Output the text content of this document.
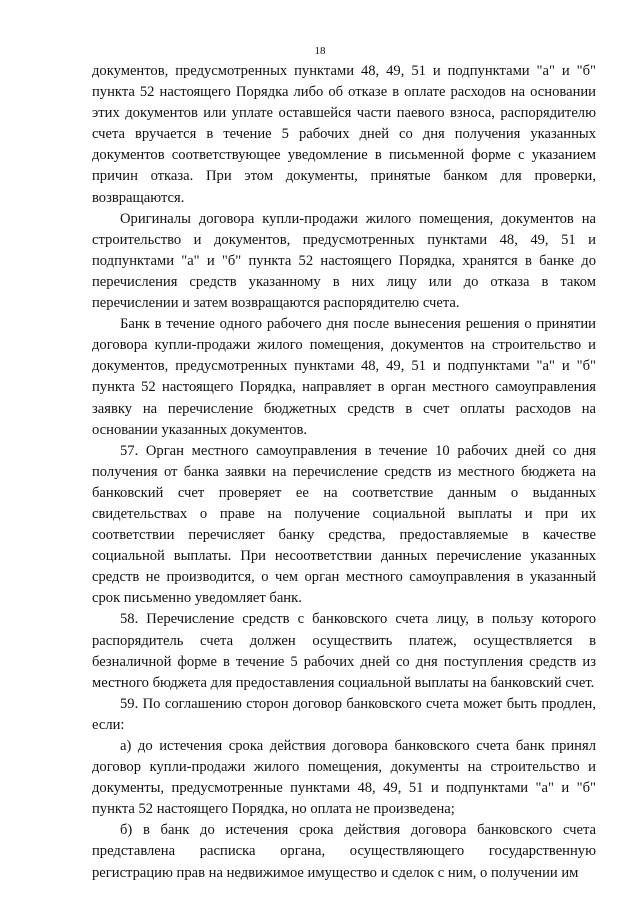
18

документов, предусмотренных пунктами 48, 49, 51 и подпунктами "а" и "б" пункта 52 настоящего Порядка либо об отказе в оплате расходов на основании этих документов или уплате оставшейся части паевого взноса, распорядителю счета вручается в течение 5 рабочих дней со дня получения указанных документов соответствующее уведомление в письменной форме с указанием причин отказа. При этом документы, принятые банком для проверки, возвращаются.

Оригиналы договора купли-продажи жилого помещения, документов на строительство и документов, предусмотренных пунктами 48, 49, 51 и подпунктами "а" и "б" пункта 52 настоящего Порядка, хранятся в банке до перечисления средств указанному в них лицу или до отказа в таком перечислении и затем возвращаются распорядителю счета.

Банк в течение одного рабочего дня после вынесения решения о принятии договора купли-продажи жилого помещения, документов на строительство и документов, предусмотренных пунктами 48, 49, 51 и подпунктами "а" и "б" пункта 52 настоящего Порядка, направляет в орган местного самоуправления заявку на перечисление бюджетных средств в счет оплаты расходов на основании указанных документов.

57. Орган местного самоуправления в течение 10 рабочих дней со дня получения от банка заявки на перечисление средств из местного бюджета на банковский счет проверяет ее на соответствие данным о выданных свидетельствах о праве на получение социальной выплаты и при их соответствии перечисляет банку средства, предоставляемые в качестве социальной выплаты. При несоответствии данных перечисление указанных средств не производится, о чем орган местного самоуправления в указанный срок письменно уведомляет банк.

58. Перечисление средств с банковского счета лицу, в пользу которого распорядитель счета должен осуществить платеж, осуществляется в безналичной форме в течение 5 рабочих дней со дня поступления средств из местного бюджета для предоставления социальной выплаты на банковский счет.

59. По соглашению сторон договор банковского счета может быть продлен, если:

а) до истечения срока действия договора банковского счета банк принял договор купли-продажи жилого помещения, документы на строительство и документы, предусмотренные пунктами 48, 49, 51 и подпунктами "а" и "б" пункта 52 настоящего Порядка, но оплата не произведена;

б) в банк до истечения срока действия договора банковского счета представлена расписка органа, осуществляющего государственную регистрацию прав на недвижимое имущество и сделок с ним, о получении им
